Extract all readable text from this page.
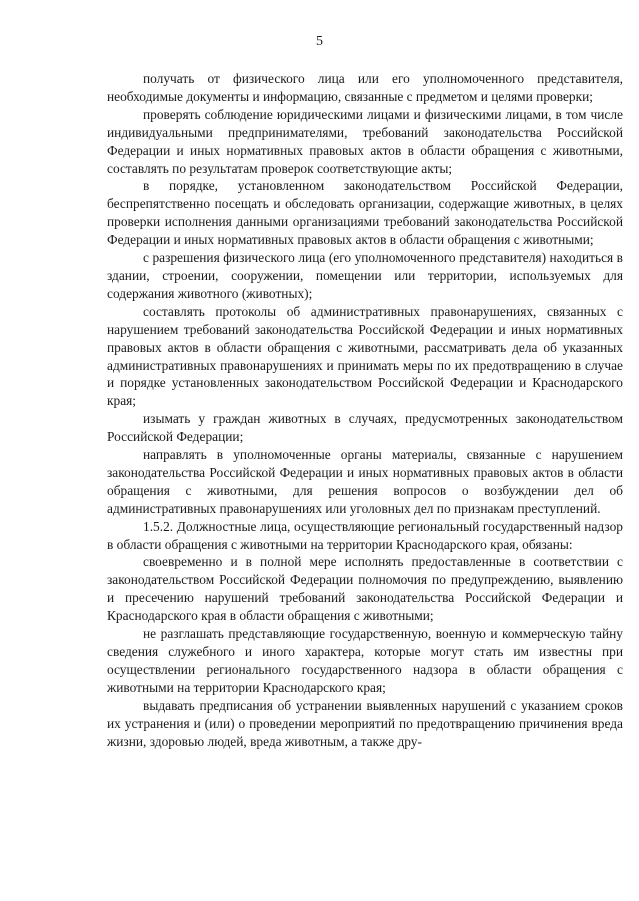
5

получать от физического лица или его уполномоченного представителя, необходимые документы и информацию, связанные с предметом и целями проверки;

проверять соблюдение юридическими лицами и физическими лицами, в том числе индивидуальными предпринимателями, требований законодательства Российской Федерации и иных нормативных правовых актов в области обращения с животными, составлять по результатам проверок соответствующие акты;

в порядке, установленном законодательством Российской Федерации, беспрепятственно посещать и обследовать организации, содержащие животных, в целях проверки исполнения данными организациями требований законодательства Российской Федерации и иных нормативных правовых актов в области обращения с животными;

с разрешения физического лица (его уполномоченного представителя) находиться в здании, строении, сооружении, помещении или территории, используемых для содержания животного (животных);

составлять протоколы об административных правонарушениях, связанных с нарушением требований законодательства Российской Федерации и иных нормативных правовых актов в области обращения с животными, рассматривать дела об указанных административных правонарушениях и принимать меры по их предотвращению в случае и порядке установленных законодательством Российской Федерации и Краснодарского края;

изымать у граждан животных в случаях, предусмотренных законодательством Российской Федерации;

направлять в уполномоченные органы материалы, связанные с нарушением законодательства Российской Федерации и иных нормативных правовых актов в области обращения с животными, для решения вопросов о возбуждении дел об административных правонарушениях или уголовных дел по признакам преступлений.

1.5.2. Должностные лица, осуществляющие региональный государственный надзор в области обращения с животными на территории Краснодарского края, обязаны:

своевременно и в полной мере исполнять предоставленные в соответствии с законодательством Российской Федерации полномочия по предупреждению, выявлению и пресечению нарушений требований законодательства Российской Федерации и Краснодарского края в области обращения с животными;

не разглашать представляющие государственную, военную и коммерческую тайну сведения служебного и иного характера, которые могут стать им известны при осуществлении регионального государственного надзора в области обращения с животными на территории Краснодарского края;

выдавать предписания об устранении выявленных нарушений с указанием сроков их устранения и (или) о проведении мероприятий по предотвращению причинения вреда жизни, здоровью людей, вреда животным, а также дру-
